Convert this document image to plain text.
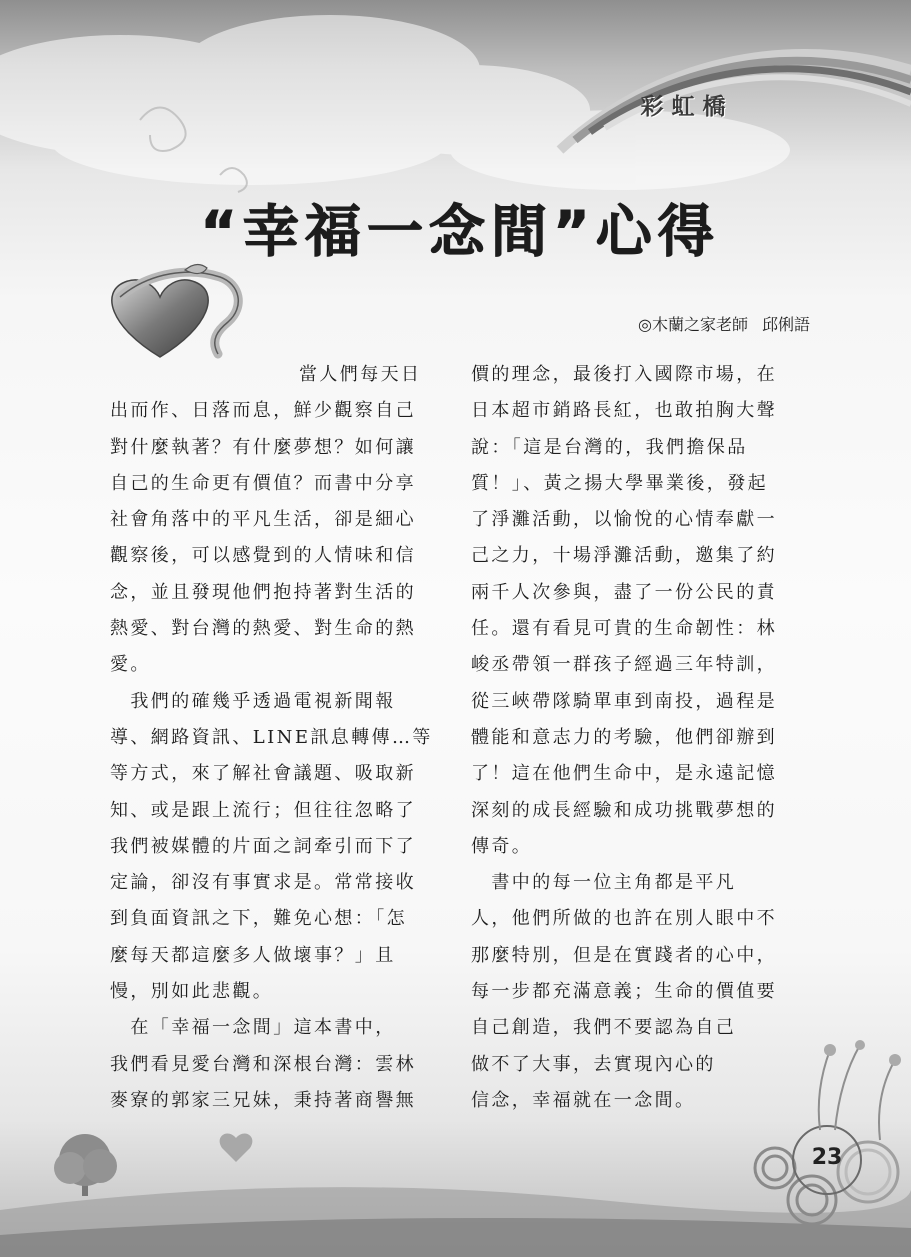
彩虹橋
“幸福一念間”心得
◎木蘭之家老師 邱俐語

當人們每天日

出而作、日落而息，鮮少觀察自己

對什麼執著？有什麼夢想？如何讓

自己的生命更有價值？而書中分享

社會角落中的平凡生活，卻是細心

觀察後，可以感覺到的人情味和信

念，並且發現他們抱持著對生活的

熱愛、對台灣的熱愛、對生命的熱

愛。

　我們的確幾乎透過電視新聞報

導、網路資訊、LINE訊息轉傳…等

等方式，來了解社會議題、吸取新

知、或是跟上流行；但往往忽略了

我們被媒體的片面之詞牽引而下了

定論，卻沒有事實求是。常常接收

到負面資訊之下，難免心想：「怎

麼每天都這麼多人做壞事？」且

慢，別如此悲觀。

　在「幸福一念間」這本書中，

我們看見愛台灣和深根台灣：雲林

麥寮的郭家三兄妹，秉持著商譽無

價的理念，最後打入國際市場，在

日本超市銷路長紅，也敢拍胸大聲

說：「這是台灣的，我們擔保品

質！」、黃之揚大學畢業後，發起

了淨灘活動，以愉悅的心情奉獻一

己之力，十場淨灘活動，邀集了約

兩千人次參與，盡了一份公民的責

任。還有看見可貴的生命韌性：林

峻丞帶領一群孩子經過三年特訓，

從三峽帶隊騎單車到南投，過程是

體能和意志力的考驗，他們卻辦到

了！這在他們生命中，是永遠記憶

深刻的成長經驗和成功挑戰夢想的

傳奇。

　書中的每一位主角都是平凡

人，他們所做的也許在別人眼中不

那麼特別，但是在實踐者的心中，

每一步都充滿意義；生命的價值要

自己創造，我們不要認為自己

做不了大事，去實現內心的

信念，幸福就在一念間。

23
